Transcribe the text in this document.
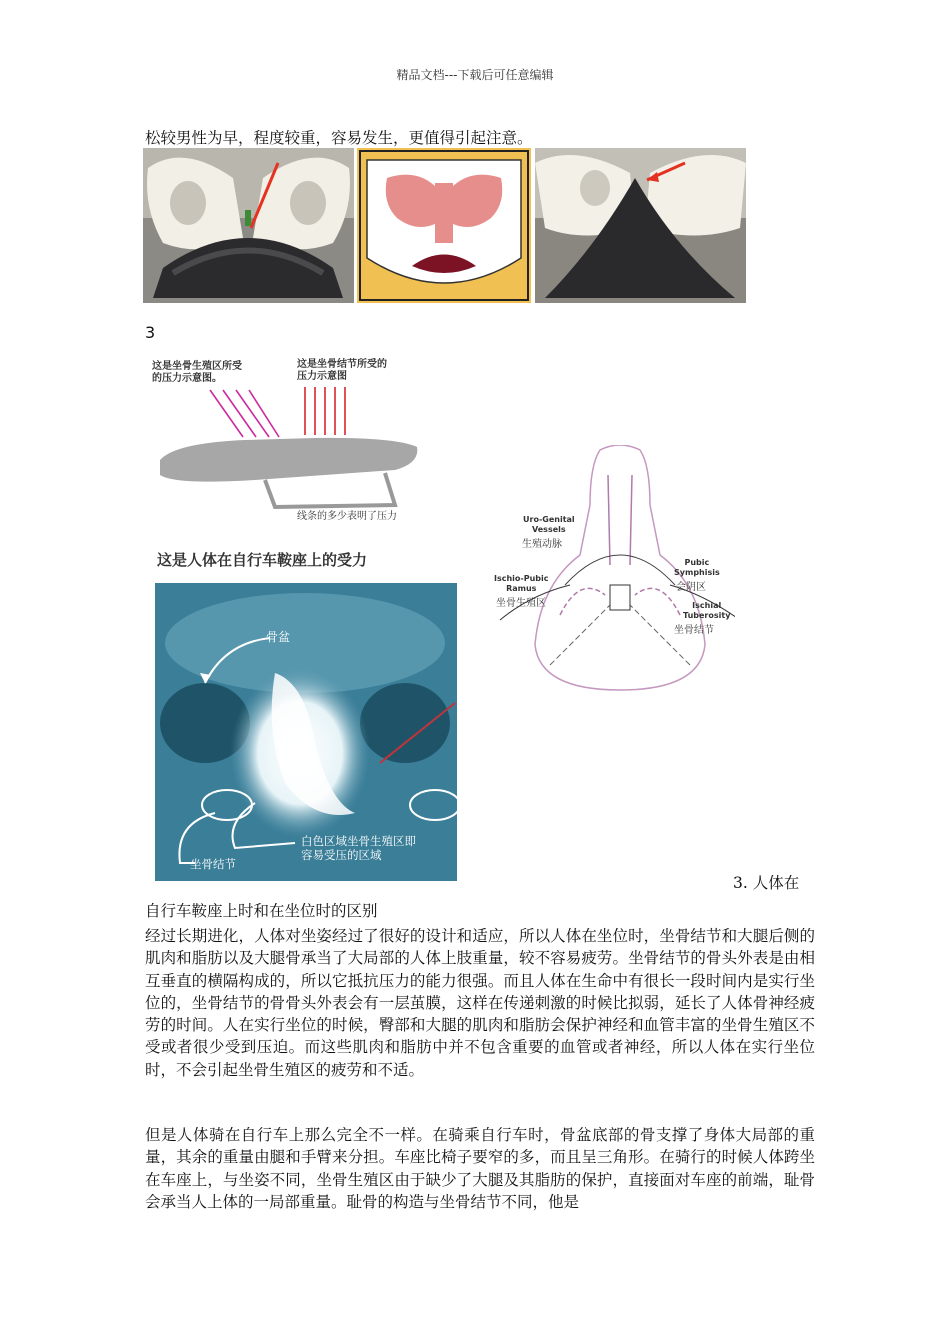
精品文档---下载后可任意编辑
松较男性为早，程度较重，容易发生，更值得引起注意。
3
这是坐骨生殖区所受
的压力示意图。
这是坐骨结节所受的
压力示意图
线条的多少表明了压力
这是人体在自行车鞍座上的受力
骨盆
白色区域坐骨生殖区即
容易受压的区域
坐骨结节
Uro-Genital
Vessels
生殖动脉
Ischio-Pubic
Ramus
坐骨生殖区
Pubic
Symphisis
会阴区
Ischial
Tuberosity
坐骨结节
3. 人体在
自行车鞍座上时和在坐位时的区别
经过长期进化，人体对坐姿经过了很好的设计和适应，所以人体在坐位时，坐骨结节和大腿后侧的肌肉和脂肪以及大腿骨承当了大局部的人体上肢重量，较不容易疲劳。坐骨结节的骨头外表是由相互垂直的横隔构成的，所以它抵抗压力的能力很强。而且人体在生命中有很长一段时间内是实行坐位的，坐骨结节的骨骨头外表会有一层茧膜，这样在传递刺激的时候比拟弱，延长了人体骨神经疲劳的时间。人在实行坐位的时候，臀部和大腿的肌肉和脂肪会保护神经和血管丰富的坐骨生殖区不受或者很少受到压迫。而这些肌肉和脂肪中并不包含重要的血管或者神经，所以人体在实行坐位时，不会引起坐骨生殖区的疲劳和不适。
但是人体骑在自行车上那么完全不一样。在骑乘自行车时，骨盆底部的骨支撑了身体大局部的重量，其余的重量由腿和手臂来分担。车座比椅子要窄的多，而且呈三角形。在骑行的时候人体跨坐在车座上，与坐姿不同，坐骨生殖区由于缺少了大腿及其脂肪的保护，直接面对车座的前端，耻骨会承当人上体的一局部重量。耻骨的构造与坐骨结节不同，他是
